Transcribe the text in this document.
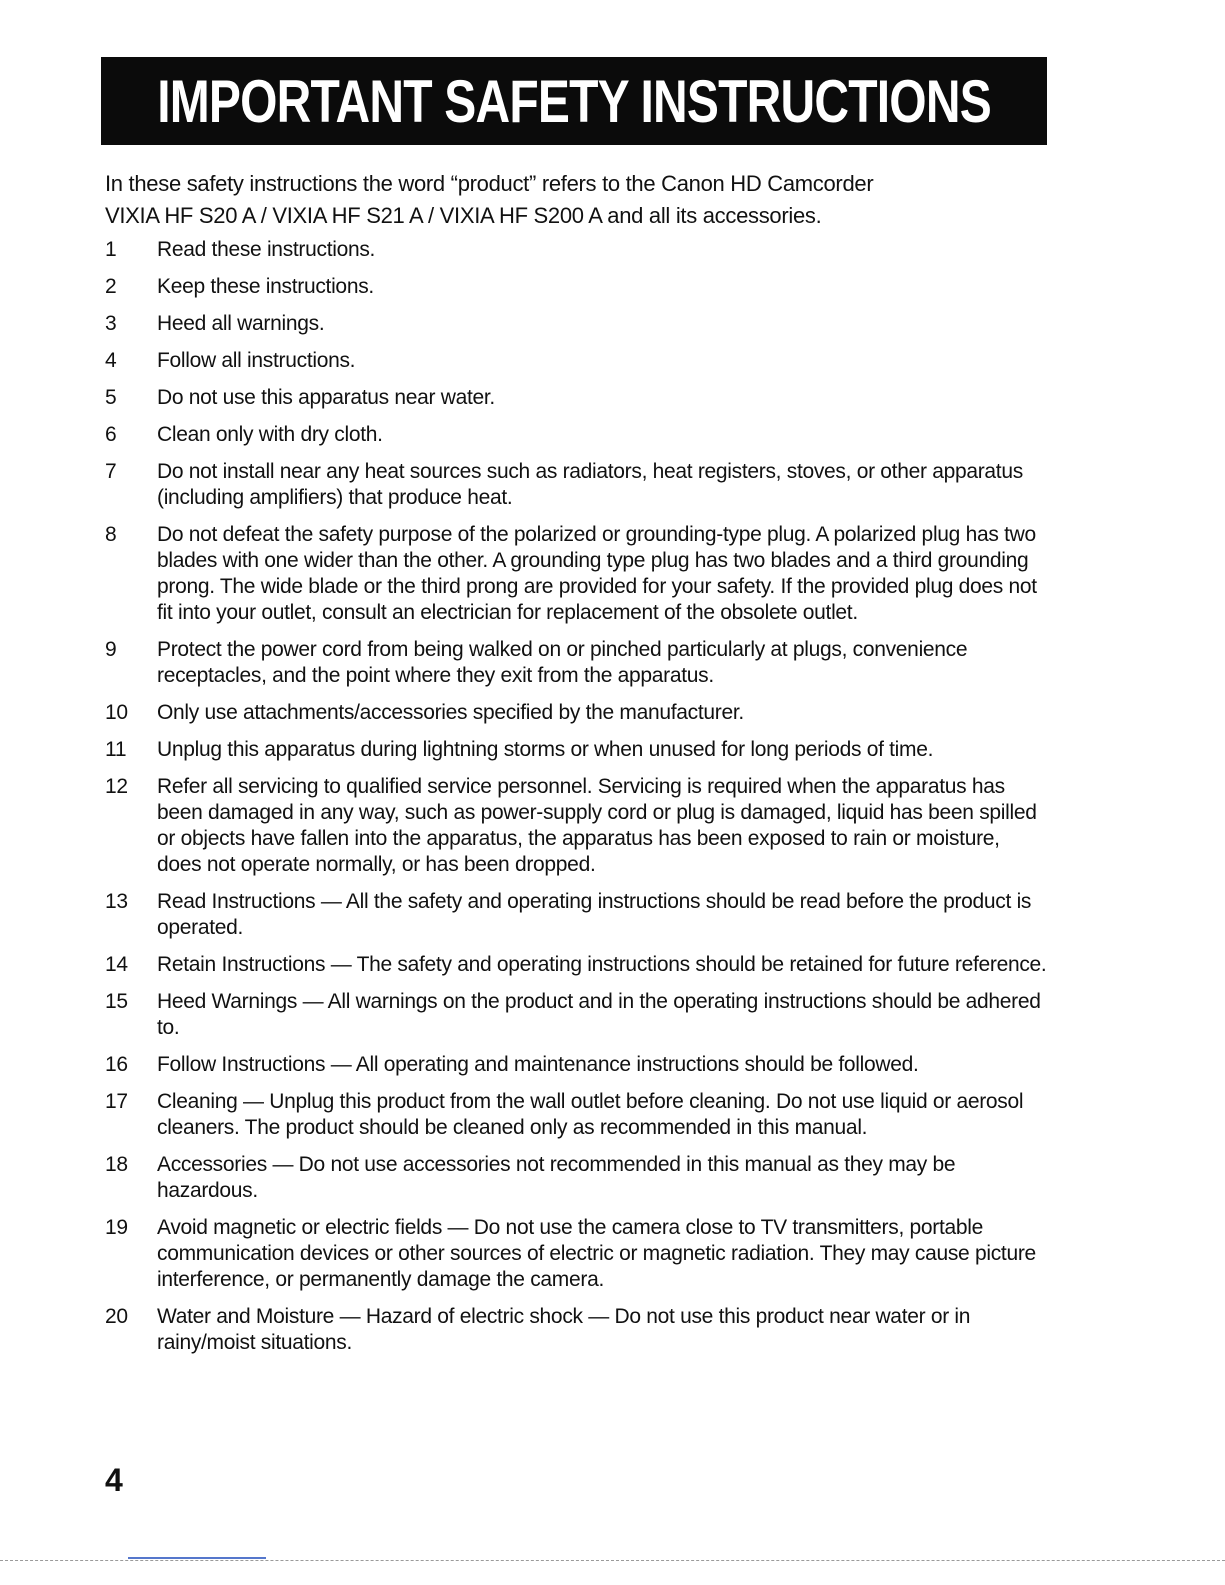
IMPORTANT SAFETY INSTRUCTIONS
In these safety instructions the word “product” refers to the Canon HD Camcorder
VIXIA HF S20 A / VIXIA HF S21 A / VIXIA HF S200 A and all its accessories.
1	Read these instructions.
2	Keep these instructions.
3	Heed all warnings.
4	Follow all instructions.
5	Do not use this apparatus near water.
6	Clean only with dry cloth.
7	Do not install near any heat sources such as radiators, heat registers, stoves, or other apparatus (including amplifiers) that produce heat.
8	Do not defeat the safety purpose of the polarized or grounding-type plug. A polarized plug has two blades with one wider than the other. A grounding type plug has two blades and a third grounding prong. The wide blade or the third prong are provided for your safety. If the provided plug does not fit into your outlet, consult an electrician for replacement of the obsolete outlet.
9	Protect the power cord from being walked on or pinched particularly at plugs, convenience receptacles, and the point where they exit from the apparatus.
10	Only use attachments/accessories specified by the manufacturer.
11	Unplug this apparatus during lightning storms or when unused for long periods of time.
12	Refer all servicing to qualified service personnel. Servicing is required when the apparatus has been damaged in any way, such as power-supply cord or plug is damaged, liquid has been spilled or objects have fallen into the apparatus, the apparatus has been exposed to rain or moisture, does not operate normally, or has been dropped.
13	Read Instructions — All the safety and operating instructions should be read before the product is operated.
14	Retain Instructions — The safety and operating instructions should be retained for future reference.
15	Heed Warnings — All warnings on the product and in the operating instructions should be adhered to.
16	Follow Instructions — All operating and maintenance instructions should be followed.
17	Cleaning — Unplug this product from the wall outlet before cleaning. Do not use liquid or aerosol cleaners. The product should be cleaned only as recommended in this manual.
18	Accessories — Do not use accessories not recommended in this manual as they may be hazardous.
19	Avoid magnetic or electric fields — Do not use the camera close to TV transmitters, portable communication devices or other sources of electric or magnetic radiation. They may cause picture interference, or permanently damage the camera.
20	Water and Moisture — Hazard of electric shock — Do not use this product near water or in rainy/moist situations.
4
